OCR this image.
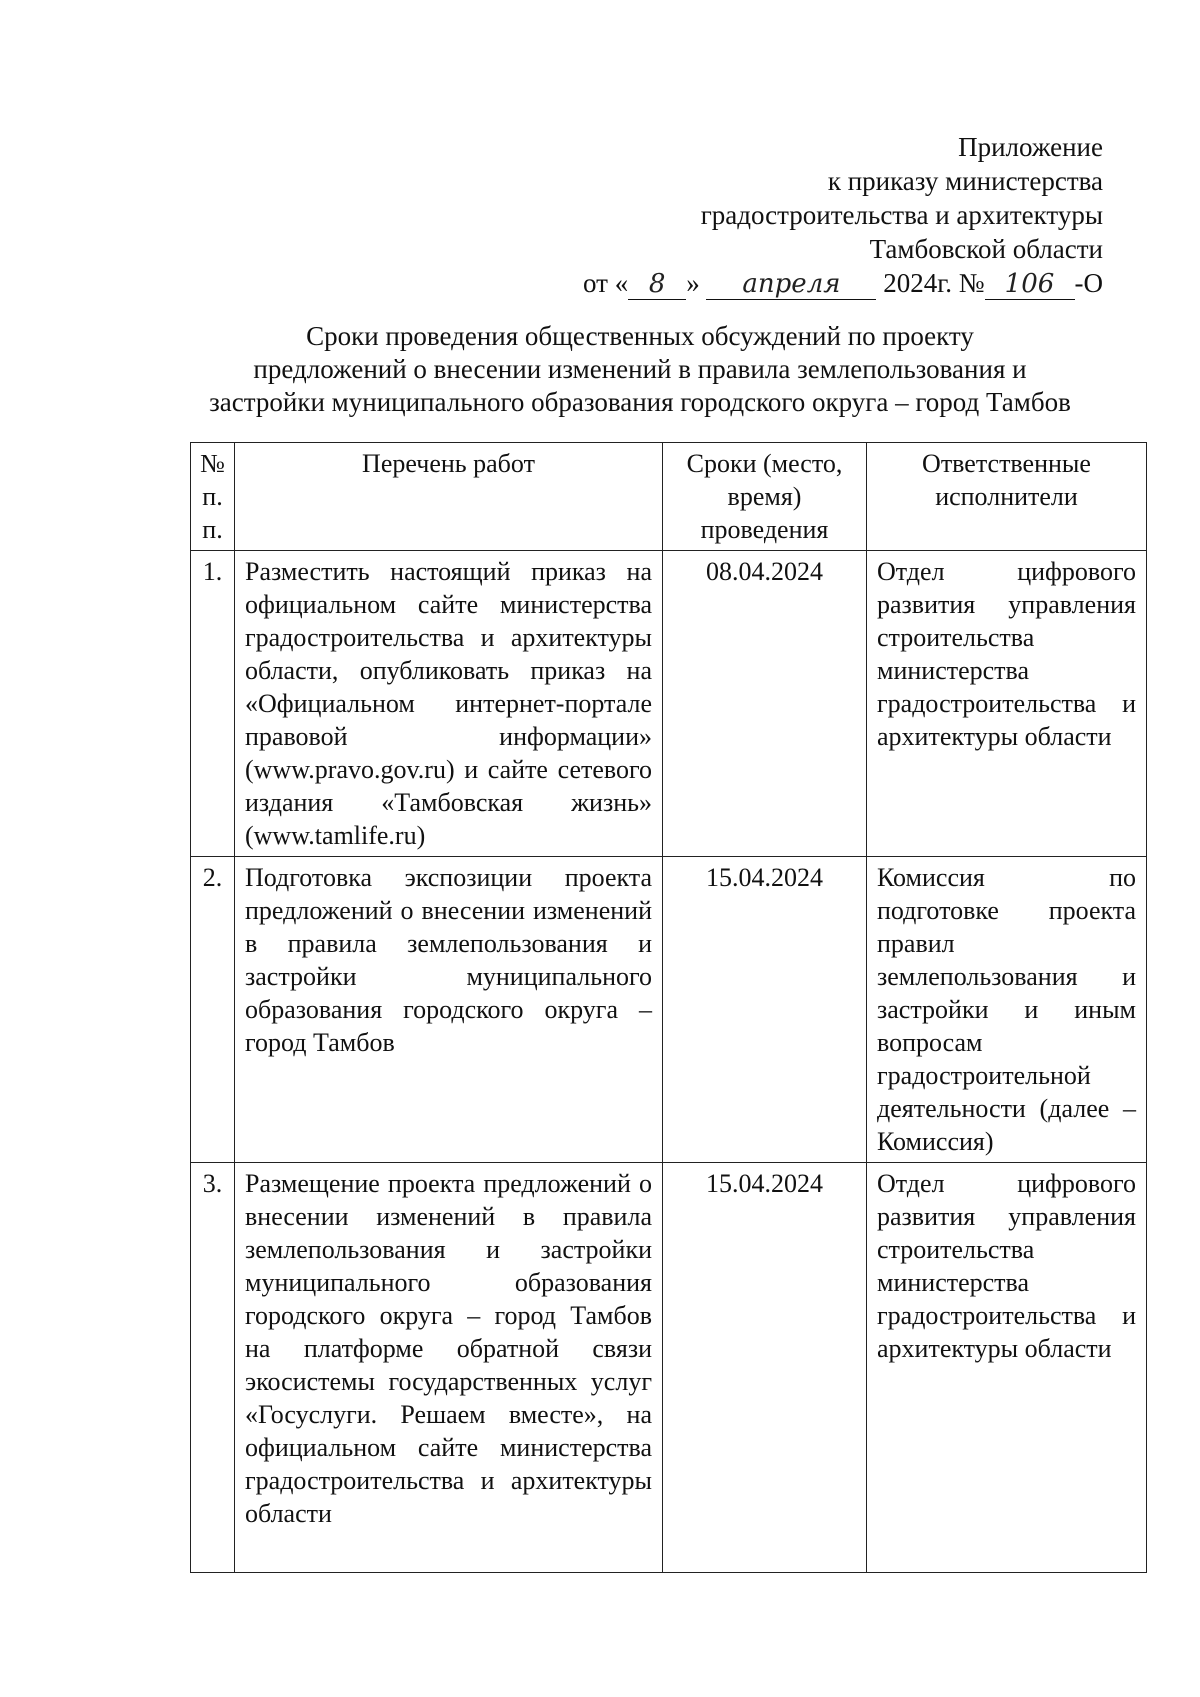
Приложение
к приказу министерства
градостроительства и архитектуры
Тамбовской области
от « 8 » апреля 2024г. № 106 -О
Сроки проведения общественных обсуждений по проекту
предложений о внесении изменений в правила землепользования и
застройки муниципального образования городского округа – город Тамбов
№ п. п.	Перечень работ	Сроки (место, время) проведения	Ответственные исполнители
1.	Разместить настоящий приказ на официальном сайте министерства градостроительства и архитектуры области, опубликовать приказ на «Официальном интернет-портале правовой информации» (www.pravo.gov.ru) и сайте сетевого издания «Тамбовская жизнь» (www.tamlife.ru)	08.04.2024	Отдел цифрового развития управления строительства министерства градостроительства и архитектуры области
2.	Подготовка экспозиции проекта предложений о внесении изменений в правила землепользования и застройки муниципального образования городского округа – город Тамбов	15.04.2024	Комиссия по подготовке проекта правил землепользования и застройки и иным вопросам градостроительной деятельности (далее – Комиссия)
3.	Размещение проекта предложений о внесении изменений в правила землепользования и застройки муниципального образования городского округа – город Тамбов на платформе обратной связи экосистемы государственных услуг «Госуслуги. Решаем вместе», на официальном сайте министерства градостроительства и архитектуры области	15.04.2024	Отдел цифрового развития управления строительства министерства градостроительства и архитектуры области
